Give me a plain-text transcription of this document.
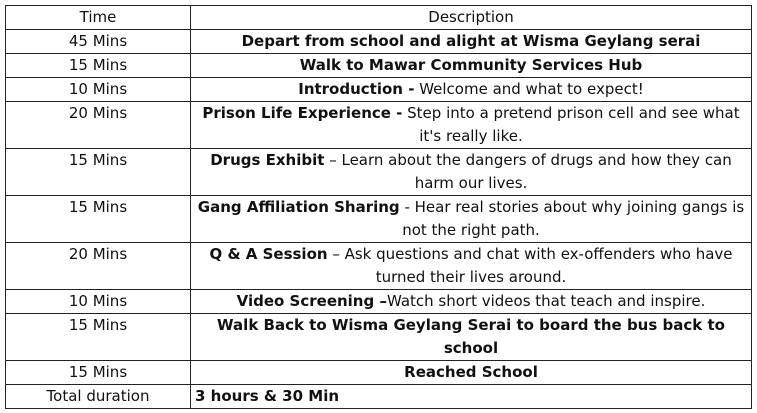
Time	Description
45 Mins	Depart from school and alight at Wisma Geylang serai
15 Mins	Walk to Mawar Community Services Hub
10 Mins	Introduction - Welcome and what to expect!
20 Mins	Prison Life Experience - Step into a pretend prison cell and see what it's really like.
15 Mins	Drugs Exhibit – Learn about the dangers of drugs and how they can harm our lives.
15 Mins	Gang Affiliation Sharing - Hear real stories about why joining gangs is not the right path.
20 Mins	Q & A Session – Ask questions and chat with ex-offenders who have turned their lives around.
10 Mins	Video Screening –Watch short videos that teach and inspire.
15 Mins	Walk Back to Wisma Geylang Serai to board the bus back to school
15 Mins	Reached School
Total duration	3 hours & 30 Min
